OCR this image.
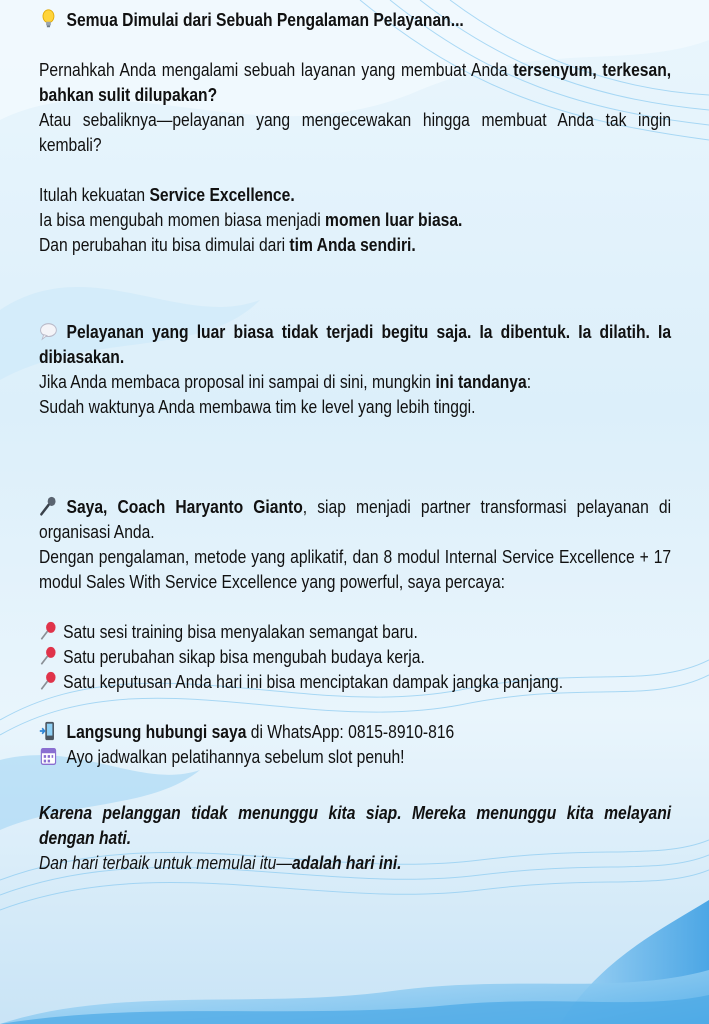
Semua Dimulai dari Sebuah Pengalaman Pelayanan...

Pernahkah Anda mengalami sebuah layanan yang membuat Anda tersenyum, terkesan, bahkan sulit dilupakan?

Atau sebaliknya—pelayanan yang mengecewakan hingga membuat Anda tak ingin kembali?

Itulah kekuatan Service Excellence.

Ia bisa mengubah momen biasa menjadi momen luar biasa.

Dan perubahan itu bisa dimulai dari tim Anda sendiri.

Pelayanan yang luar biasa tidak terjadi begitu saja. Ia dibentuk. Ia dilatih. Ia dibiasakan.

Jika Anda membaca proposal ini sampai di sini, mungkin ini tandanya:

Sudah waktunya Anda membawa tim ke level yang lebih tinggi.

Saya, Coach Haryanto Gianto, siap menjadi partner transformasi pelayanan di organisasi Anda.

Dengan pengalaman, metode yang aplikatif, dan 8 modul Internal Service Excellence + 17 modul Sales With Service Excellence yang powerful, saya percaya:

Satu sesi training bisa menyalakan semangat baru.

Satu perubahan sikap bisa mengubah budaya kerja.

Satu keputusan Anda hari ini bisa menciptakan dampak jangka panjang.

Langsung hubungi saya di WhatsApp: 0815-8910-816

Ayo jadwalkan pelatihannya sebelum slot penuh!

Karena pelanggan tidak menunggu kita siap. Mereka menunggu kita melayani dengan hati.

Dan hari terbaik untuk memulai itu—adalah hari ini.
